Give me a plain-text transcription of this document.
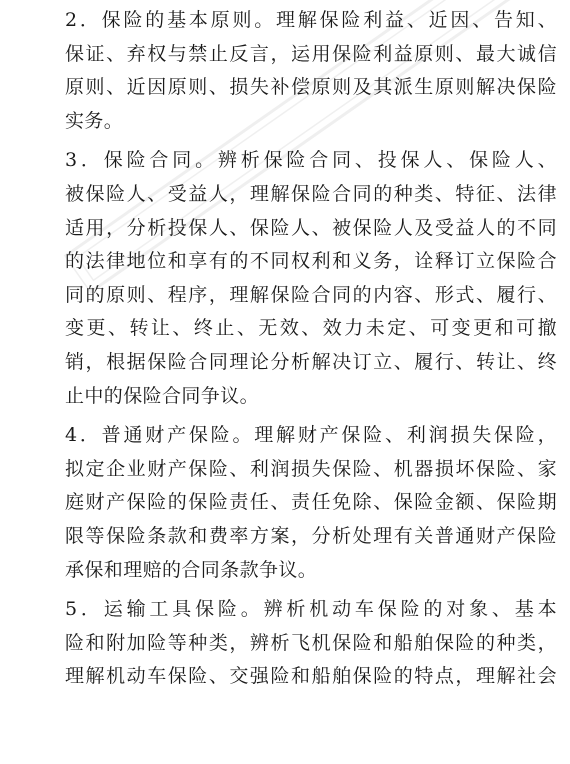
2．保险的基本原则。理解保险利益、近因、告知、
保证、弃权与禁止反言，运用保险利益原则、最大诚信
原则、近因原则、损失补偿原则及其派生原则解决保险
实务。

3．保险合同。辨析保险合同、投保人、保险人、
被保险人、受益人，理解保险合同的种类、特征、法律
适用，分析投保人、保险人、被保险人及受益人的不同
的法律地位和享有的不同权利和义务，诠释订立保险合
同的原则、程序，理解保险合同的内容、形式、履行、
变更、转让、终止、无效、效力未定、可变更和可撤
销，根据保险合同理论分析解决订立、履行、转让、终
止中的保险合同争议。

4．普通财产保险。理解财产保险、利润损失保险，
拟定企业财产保险、利润损失保险、机器损坏保险、家
庭财产保险的保险责任、责任免除、保险金额、保险期
限等保险条款和费率方案，分析处理有关普通财产保险
承保和理赔的合同条款争议。

5．运输工具保险。辨析机动车保险的对象、基本
险和附加险等种类，辨析飞机保险和船舶保险的种类，
理解机动车保险、交强险和船舶保险的特点，理解社会
